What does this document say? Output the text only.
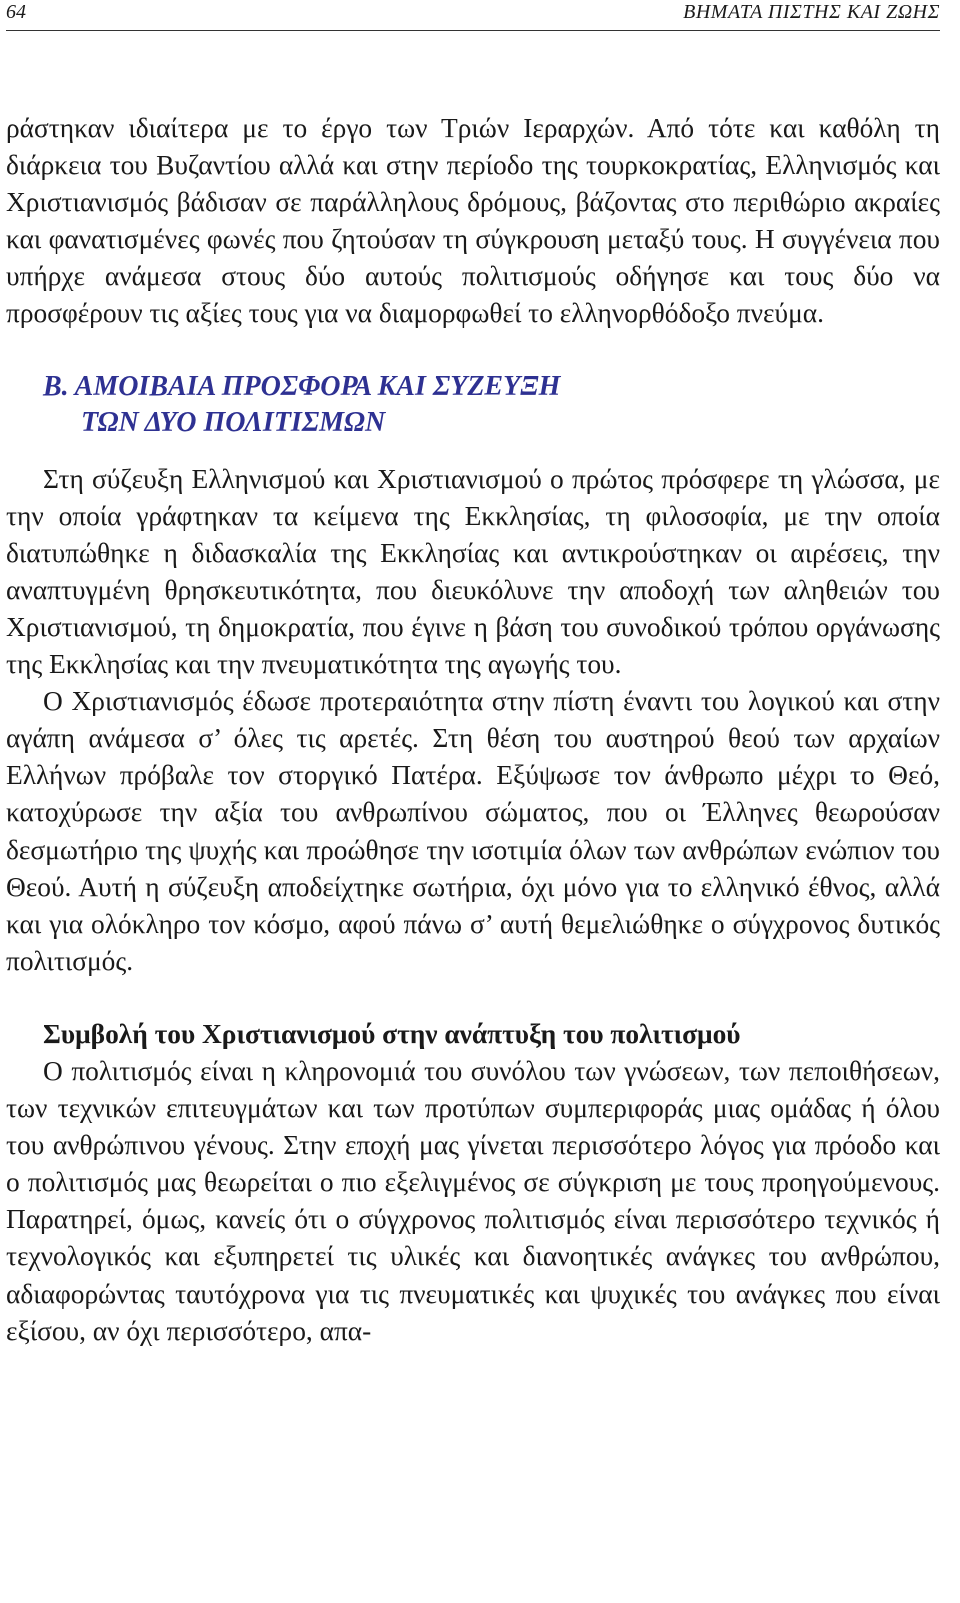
64	ΒΗΜΑΤΑ ΠΙΣΤΗΣ ΚΑΙ ΖΩΗΣ

ράστηκαν ιδιαίτερα με το έργο των Τριών Ιεραρχών. Από τότε και καθόλη τη διάρκεια του Βυζαντίου αλλά και στην περίοδο της τουρκοκρατίας, Ελληνισμός και Χριστιανισμός βάδισαν σε παράλληλους δρόμους, βάζοντας στο περιθώριο ακραίες και φανατισμένες φωνές που ζητούσαν τη σύγκρουση μεταξύ τους. Η συγγένεια που υπήρχε ανάμεσα στους δύο αυτούς πολιτισμούς οδήγησε και τους δύο να προσφέρουν τις αξίες τους για να διαμορφωθεί το ελληνορθόδοξο πνεύμα.

Β. ΑΜΟΙΒΑΙΑ ΠΡΟΣΦΟΡΑ ΚΑΙ ΣΥΖΕΥΞΗ
ΤΩΝ ΔΥΟ ΠΟΛΙΤΙΣΜΩΝ

Στη σύζευξη Ελληνισμού και Χριστιανισμού ο πρώτος πρόσφερε τη γλώσσα, με την οποία γράφτηκαν τα κείμενα της Εκκλησίας, τη φιλοσοφία, με την οποία διατυπώθηκε η διδασκαλία της Εκκλησίας και αντικρούστηκαν οι αιρέσεις, την αναπτυγμένη θρησκευτικότητα, που διευκόλυνε την αποδοχή των αληθειών του Χριστιανισμού, τη δημοκρατία, που έγινε η βάση του συνοδικού τρόπου οργάνωσης της Εκκλησίας και την πνευματικότητα της αγωγής του.

Ο Χριστιανισμός έδωσε προτεραιότητα στην πίστη έναντι του λογικού και στην αγάπη ανάμεσα σ’ όλες τις αρετές. Στη θέση του αυστηρού θεού των αρχαίων Ελλήνων πρόβαλε τον στοργικό Πατέρα. Εξύψωσε τον άνθρωπο μέχρι το Θεό, κατοχύρωσε την αξία του ανθρωπίνου σώματος, που οι Έλληνες θεωρούσαν δεσμωτήριο της ψυχής και προώθησε την ισοτιμία όλων των ανθρώπων ενώπιον του Θεού. Αυτή η σύζευξη αποδείχτηκε σωτήρια, όχι μόνο για το ελληνικό έθνος, αλλά και για ολόκληρο τον κόσμο, αφού πάνω σ’ αυτή θεμελιώθηκε ο σύγχρονος δυτικός πολιτισμός.

Συμβολή του Χριστιανισμού στην ανάπτυξη του πολιτισμού

Ο πολιτισμός είναι η κληρονομιά του συνόλου των γνώσεων, των πεποιθήσεων, των τεχνικών επιτευγμάτων και των προτύπων συμπεριφοράς μιας ομάδας ή όλου του ανθρώπινου γένους. Στην εποχή μας γίνεται περισσότερο λόγος για πρόοδο και ο πολιτισμός μας θεωρείται ο πιο εξελιγμένος σε σύγκριση με τους προηγούμενους. Παρατηρεί, όμως, κανείς ότι ο σύγχρονος πολιτισμός είναι περισσότερο τεχνικός ή τεχνολογικός και εξυπηρετεί τις υλικές και διανοητικές ανάγκες του ανθρώπου, αδιαφορώντας ταυτόχρονα για τις πνευματικές και ψυχικές του ανάγκες που είναι εξίσου, αν όχι περισσότερο, απα-
